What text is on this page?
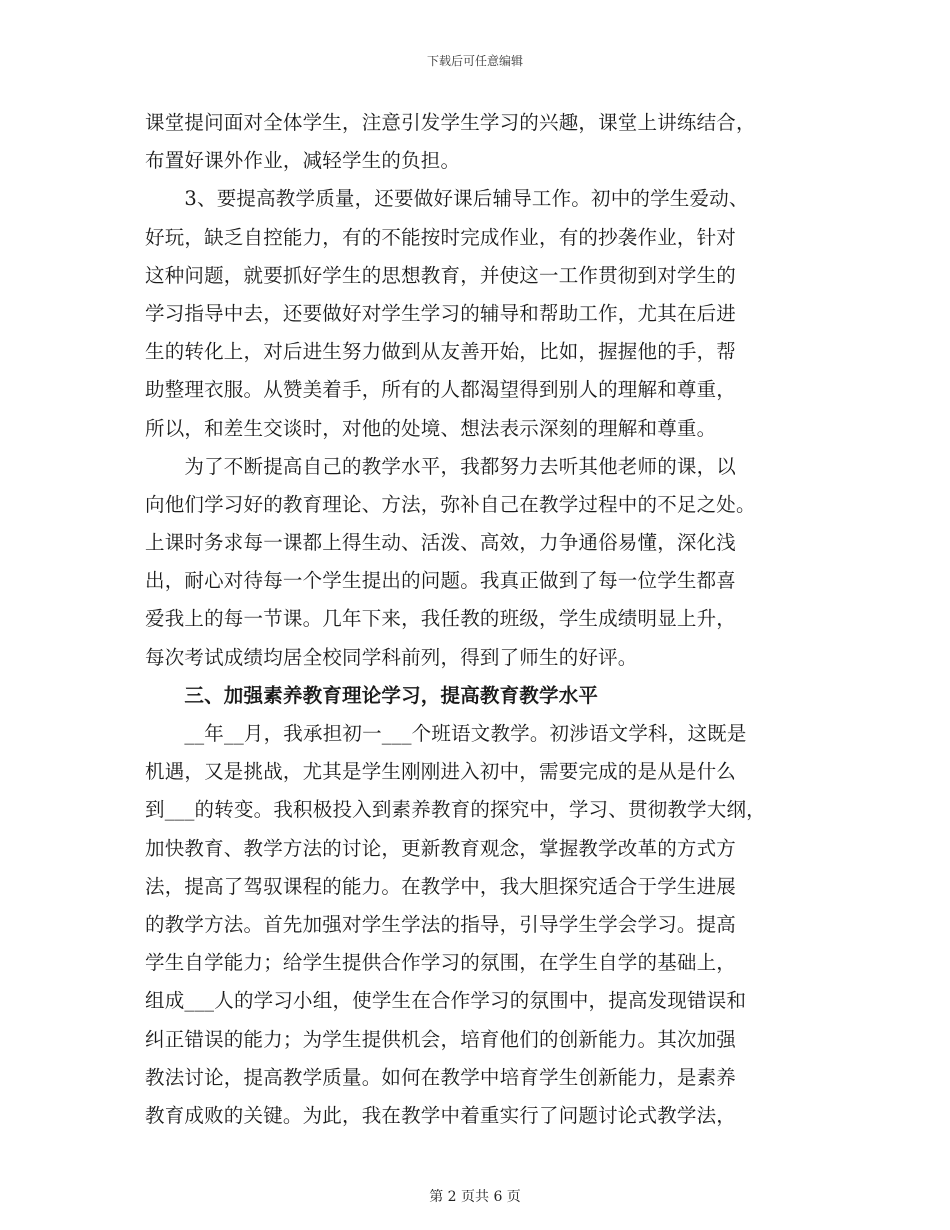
下载后可任意编辑
课堂提问面对全体学生，注意引发学生学习的兴趣，课堂上讲练结合，
布置好课外作业，减轻学生的负担。
　　3、要提高教学质量，还要做好课后辅导工作。初中的学生爱动、
好玩，缺乏自控能力，有的不能按时完成作业，有的抄袭作业，针对
这种问题，就要抓好学生的思想教育，并使这一工作贯彻到对学生的
学习指导中去，还要做好对学生学习的辅导和帮助工作，尤其在后进
生的转化上，对后进生努力做到从友善开始，比如，握握他的手，帮
助整理衣服。从赞美着手，所有的人都渴望得到别人的理解和尊重，
所以，和差生交谈时，对他的处境、想法表示深刻的理解和尊重。
　　为了不断提高自己的教学水平，我都努力去听其他老师的课，以
向他们学习好的教育理论、方法，弥补自己在教学过程中的不足之处。
上课时务求每一课都上得生动、活泼、高效，力争通俗易懂，深化浅
出，耐心对待每一个学生提出的问题。我真正做到了每一位学生都喜
爱我上的每一节课。几年下来，我任教的班级，学生成绩明显上升，
每次考试成绩均居全校同学科前列，得到了师生的好评。
　　三、加强素养教育理论学习，提高教育教学水平
　　__年__月，我承担初一___个班语文教学。初涉语文学科，这既是
机遇，又是挑战，尤其是学生刚刚进入初中，需要完成的是从是什么
到___的转变。我积极投入到素养教育的探究中，学习、贯彻教学大纲，
加快教育、教学方法的讨论，更新教育观念，掌握教学改革的方式方
法，提高了驾驭课程的能力。在教学中，我大胆探究适合于学生进展
的教学方法。首先加强对学生学法的指导，引导学生学会学习。提高
学生自学能力；给学生提供合作学习的氛围，在学生自学的基础上，
组成___人的学习小组，使学生在合作学习的氛围中，提高发现错误和
纠正错误的能力；为学生提供机会，培育他们的创新能力。其次加强
教法讨论，提高教学质量。如何在教学中培育学生创新能力，是素养
教育成败的关键。为此，我在教学中着重实行了问题讨论式教学法，
第 2 页共 6 页
